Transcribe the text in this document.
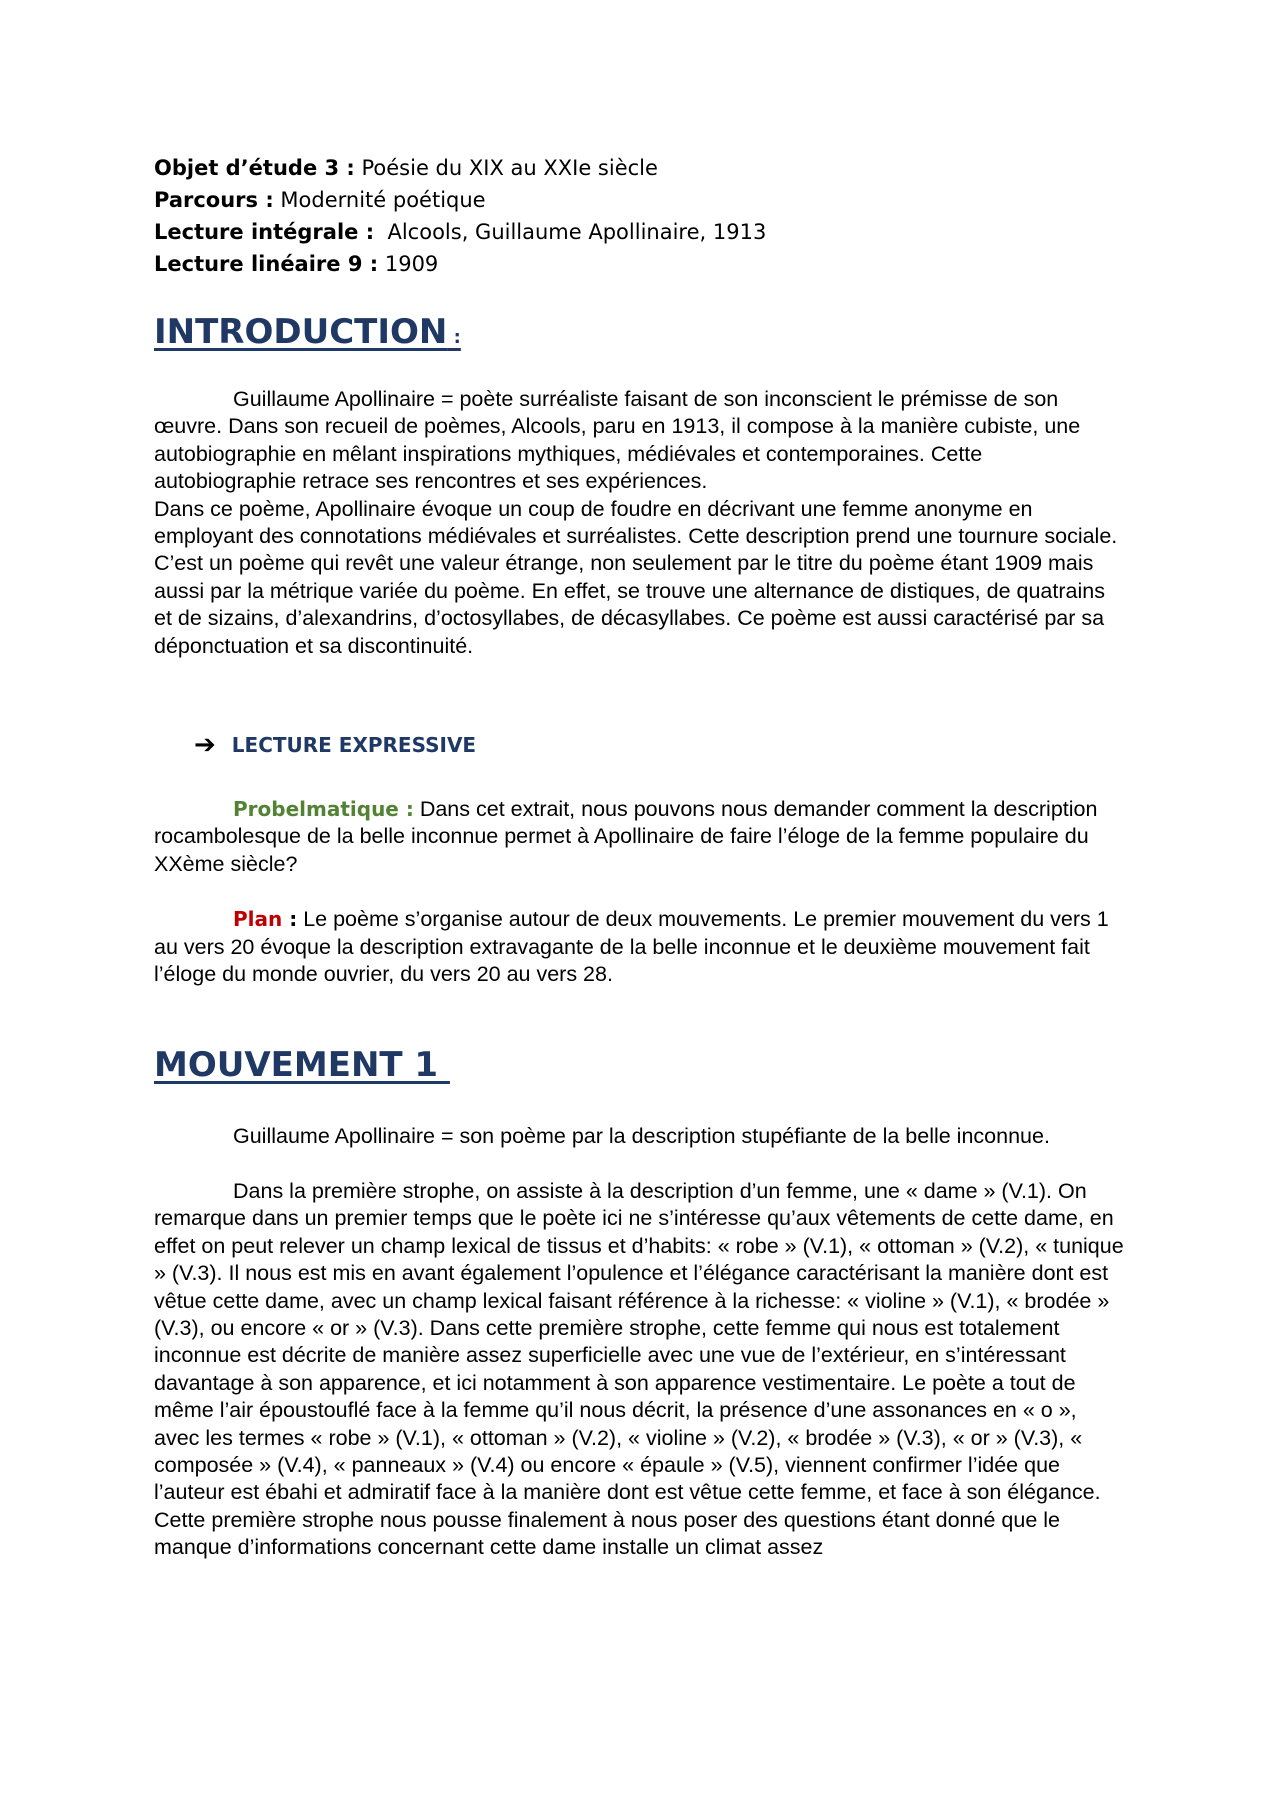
Objet d’étude 3 : Poésie du XIX au XXIe siècle
Parcours : Modernité poétique
Lecture intégrale :  Alcools, Guillaume Apollinaire, 1913
Lecture linéaire 9 : 1909
INTRODUCTION :

Guillaume Apollinaire = poète surréaliste faisant de son inconscient le prémisse de son œuvre. Dans son recueil de poèmes, Alcools, paru en 1913, il compose à la manière cubiste, une autobiographie en mêlant inspirations mythiques, médiévales et contemporaines. Cette autobiographie retrace ses rencontres et ses expériences.

Dans ce poème, Apollinaire évoque un coup de foudre en décrivant une femme anonyme en employant des connotations médiévales et surréalistes. Cette description prend une tournure sociale.

C’est un poème qui revêt une valeur étrange, non seulement par le titre du poème étant 1909 mais aussi par la métrique variée du poème. En effet, se trouve une alternance de distiques, de quatrains et de sizains, d’alexandrins, d’octosyllabes, de décasyllabes. Ce poème est aussi caractérisé par sa déponctuation et sa discontinuité.

➔ LECTURE EXPRESSIVE

Probelmatique : Dans cet extrait, nous pouvons nous demander comment la description rocambolesque de la belle inconnue permet à Apollinaire de faire l’éloge de la femme populaire du XXème siècle?

Plan : Le poème s’organise autour de deux mouvements. Le premier mouvement du vers 1 au vers 20 évoque la description extravagante de la belle inconnue et le deuxième mouvement fait l’éloge du monde ouvrier, du vers 20 au vers 28.

MOUVEMENT 1

Guillaume Apollinaire = son poème par la description stupéfiante de la belle inconnue.

Dans la première strophe, on assiste à la description d’un femme, une « dame » (V.1). On remarque dans un premier temps que le poète ici ne s’intéresse qu’aux vêtements de cette dame, en effet on peut relever un champ lexical de tissus et d’habits: « robe » (V.1), « ottoman » (V.2), « tunique » (V.3). Il nous est mis en avant également l’opulence et l’élégance caractérisant la manière dont est vêtue cette dame, avec un champ lexical faisant référence à la richesse: « violine » (V.1), « brodée » (V.3), ou encore « or » (V.3). Dans cette première strophe, cette femme qui nous est totalement inconnue est décrite de manière assez superficielle avec une vue de l’extérieur, en s’intéressant davantage à son apparence, et ici notamment à son apparence vestimentaire. Le poète a tout de même l’air époustouflé face à la femme qu’il nous décrit, la présence d’une assonances en « o », avec les termes « robe » (V.1), « ottoman » (V.2), « violine » (V.2), « brodée » (V.3), « or » (V.3), « composée » (V.4), « panneaux » (V.4) ou encore « épaule » (V.5), viennent confirmer l’idée que l’auteur est ébahi et admiratif face à la manière dont est vêtue cette femme, et face à son élégance. Cette première strophe nous pousse finalement à nous poser des questions étant donné que le manque d’informations concernant cette dame installe un climat assez
